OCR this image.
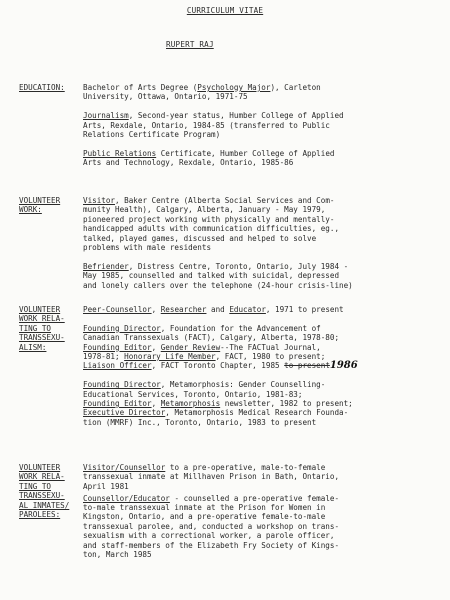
CURRICULUM VITAE
RUPERT RAJ
EDUCATION:	Bachelor of Arts Degree (Psychology Major), Carleton
University, Ottawa, Ontario, 1971-75
Journalism, Second-year status, Humber College of Applied
Arts, Rexdale, Ontario, 1984-85 (transferred to Public
Relations Certificate Program)
Public Relations Certificate, Humber College of Applied
Arts and Technology, Rexdale, Ontario, 1985-86
VOLUNTEER
WORK:
Visitor, Baker Centre (Alberta Social Services and Com-
munity Health), Calgary, Alberta, January - May 1979,
pioneered project working with physically and mentally-
handicapped adults with communication difficulties, eg.,
talked, played games, discussed and helped to solve
problems with male residents
Befriender, Distress Centre, Toronto, Ontario, July 1984 -
May 1985, counselled and talked with suicidal, depressed
and lonely callers over the telephone (24-hour crisis-line)
VOLUNTEER
WORK RELA-
TING TO
TRANSSEXU-
ALISM:
Peer-Counsellor, Researcher and Educator, 1971 to present
Founding Director, Foundation for the Advancement of
Canadian Transsexuals (FACT), Calgary, Alberta, 1978-80;
Founding Editor, Gender Review--The FACTual Journal,
1978-81; Honorary Life Member, FACT, 1980 to present;
Liaison Officer, FACT Toronto Chapter, 1985 to present1986
Founding Director, Metamorphosis: Gender Counselling-
Educational Services, Toronto, Ontario, 1981-83;
Founding Editor, Metamorphosis newsletter, 1982 to present;
Executive Director, Metamorphosis Medical Research Founda-
tion (MMRF) Inc., Toronto, Ontario, 1983 to present
VOLUNTEER
WORK RELA-
TING TO
TRANSSEXU-
AL INMATES/
PAROLEES:
Visitor/Counsellor to a pre-operative, male-to-female
transsexual inmate at Millhaven Prison in Bath, Ontario,
April 1981
Counsellor/Educator - counselled a pre-operative female-
to-male transsexual inmate at the Prison for Women in
Kingston, Ontario, and a pre-operative female-to-male
transsexual parolee, and, conducted a workshop on trans-
sexualism with a correctional worker, a parole officer,
and staff-members of the Elizabeth Fry Society of Kings-
ton, March 1985
